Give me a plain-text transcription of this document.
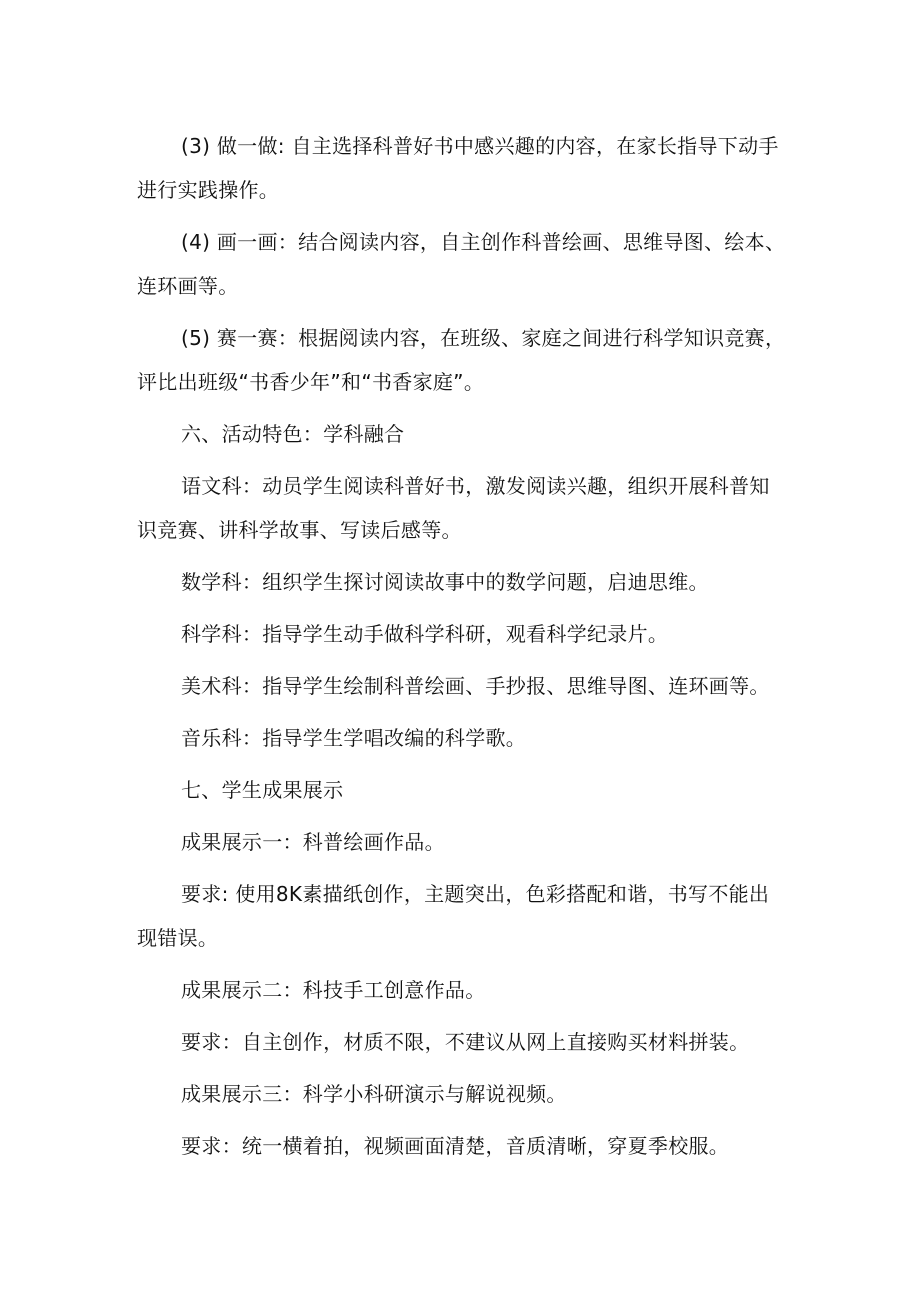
(3) 做一做: 自主选择科普好书中感兴趣的内容，在家长指导下动手进行实践操作。

(4) 画一画：结合阅读内容，自主创作科普绘画、思维导图、绘本、连环画等。

(5) 赛一赛：根据阅读内容，在班级、家庭之间进行科学知识竞赛，评比出班级“书香少年”和“书香家庭”。

六、活动特色：学科融合

语文科：动员学生阅读科普好书，激发阅读兴趣，组织开展科普知识竞赛、讲科学故事、写读后感等。

数学科：组织学生探讨阅读故事中的数学问题，启迪思维。

科学科：指导学生动手做科学科研，观看科学纪录片。

美术科：指导学生绘制科普绘画、手抄报、思维导图、连环画等。

音乐科：指导学生学唱改编的科学歌。

七、学生成果展示

成果展示一：科普绘画作品。

要求: 使用8K素描纸创作，主题突出，色彩搭配和谐，书写不能出现错误。

成果展示二：科技手工创意作品。

要求：自主创作，材质不限，不建议从网上直接购买材料拼装。

成果展示三：科学小科研演示与解说视频。

要求：统一横着拍，视频画面清楚，音质清晰，穿夏季校服。
